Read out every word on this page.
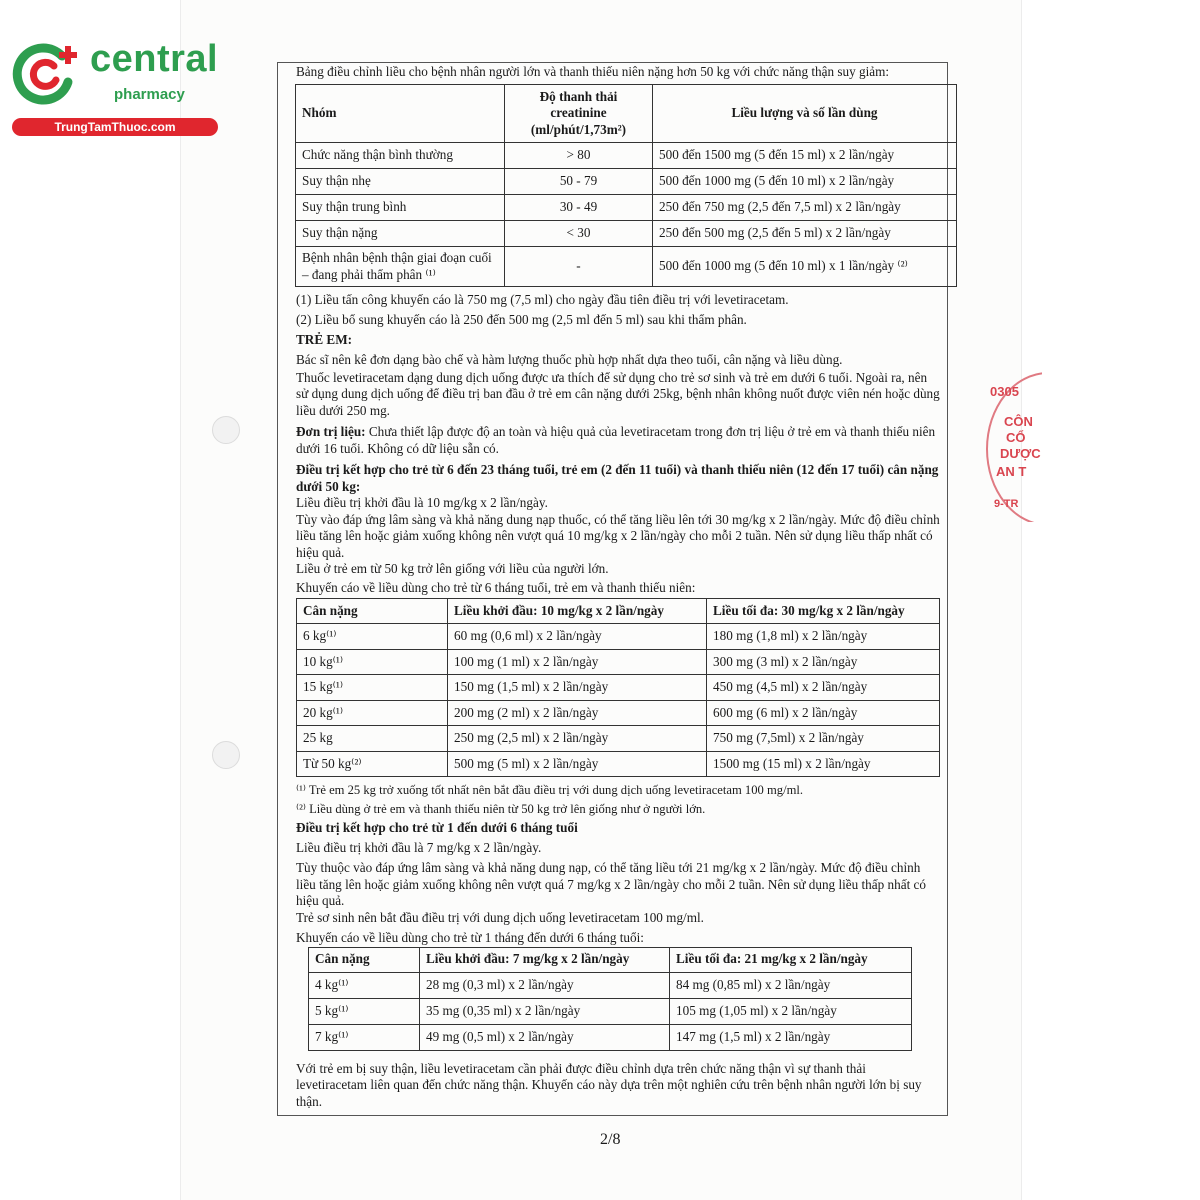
central
pharmacy
TrungTamThuoc.com
0305
CÔN
CỔ
DƯỢC
AN T
9-TR

Bảng điều chỉnh liều cho bệnh nhân người lớn và thanh thiếu niên nặng hơn 50 kg với chức năng thận suy giảm:

Nhóm	Độ thanh thải creatinine (ml/phút/1,73m²)	Liều lượng và số lần dùng
Chức năng thận bình thường	> 80	500 đến 1500 mg (5 đến 15 ml) x 2 lần/ngày
Suy thận nhẹ	50 - 79	500 đến 1000 mg (5 đến 10 ml) x 2 lần/ngày
Suy thận trung bình	30 - 49	250 đến 750 mg (2,5 đến 7,5 ml) x 2 lần/ngày
Suy thận nặng	< 30	250 đến 500 mg (2,5 đến 5 ml) x 2 lần/ngày
Bệnh nhân bệnh thận giai đoạn cuối – đang phải thẩm phân ⁽¹⁾	-	500 đến 1000 mg (5 đến 10 ml) x 1 lần/ngày ⁽²⁾

(1) Liều tấn công khuyến cáo là 750 mg (7,5 ml) cho ngày đầu tiên điều trị với levetiracetam.

(2) Liều bổ sung khuyến cáo là 250 đến 500 mg (2,5 ml đến 5 ml) sau khi thẩm phân.

TRẺ EM:

Bác sĩ nên kê đơn dạng bào chế và hàm lượng thuốc phù hợp nhất dựa theo tuổi, cân nặng và liều dùng.

Thuốc levetiracetam dạng dung dịch uống được ưa thích để sử dụng cho trẻ sơ sinh và trẻ em dưới 6 tuổi. Ngoài ra, nên sử dụng dung dịch uống để điều trị ban đầu ở trẻ em cân nặng dưới 25kg, bệnh nhân không nuốt được viên nén hoặc dùng liều dưới 250 mg.

Đơn trị liệu: Chưa thiết lập được độ an toàn và hiệu quả của levetiracetam trong đơn trị liệu ở trẻ em và thanh thiếu niên dưới 16 tuổi. Không có dữ liệu sẵn có.

Điều trị kết hợp cho trẻ từ 6 đến 23 tháng tuổi, trẻ em (2 đến 11 tuổi) và thanh thiếu niên (12 đến 17 tuổi) cân nặng dưới 50 kg:

Liều điều trị khởi đầu là 10 mg/kg x 2 lần/ngày.

Tùy vào đáp ứng lâm sàng và khả năng dung nạp thuốc, có thể tăng liều lên tới 30 mg/kg x 2 lần/ngày. Mức độ điều chỉnh liều tăng lên hoặc giảm xuống không nên vượt quá 10 mg/kg x 2 lần/ngày cho mỗi 2 tuần. Nên sử dụng liều thấp nhất có hiệu quả.

Liều ở trẻ em từ 50 kg trở lên giống với liều của người lớn.

Khuyến cáo về liều dùng cho trẻ từ 6 tháng tuổi, trẻ em và thanh thiếu niên:

Cân nặng	Liều khởi đầu: 10 mg/kg x 2 lần/ngày	Liều tối đa: 30 mg/kg x 2 lần/ngày
6 kg⁽¹⁾	60 mg (0,6 ml) x 2 lần/ngày	180 mg (1,8 ml) x 2 lần/ngày
10 kg⁽¹⁾	100 mg (1 ml) x 2 lần/ngày	300 mg (3 ml) x 2 lần/ngày
15 kg⁽¹⁾	150 mg (1,5 ml) x 2 lần/ngày	450 mg (4,5 ml) x 2 lần/ngày
20 kg⁽¹⁾	200 mg (2 ml) x 2 lần/ngày	600 mg (6 ml) x 2 lần/ngày
25 kg	250 mg (2,5 ml) x 2 lần/ngày	750 mg (7,5ml) x 2 lần/ngày
Từ 50 kg⁽²⁾	500 mg (5 ml) x 2 lần/ngày	1500 mg (15 ml) x 2 lần/ngày

⁽¹⁾ Trẻ em 25 kg trở xuống tốt nhất nên bắt đầu điều trị với dung dịch uống levetiracetam 100 mg/ml.

⁽²⁾ Liều dùng ở trẻ em và thanh thiếu niên từ 50 kg trở lên giống như ở người lớn.

Điều trị kết hợp cho trẻ từ 1 đến dưới 6 tháng tuổi

Liều điều trị khởi đầu là 7 mg/kg x 2 lần/ngày.

Tùy thuộc vào đáp ứng lâm sàng và khả năng dung nạp, có thể tăng liều tới 21 mg/kg x 2 lần/ngày. Mức độ điều chỉnh liều tăng lên hoặc giảm xuống không nên vượt quá 7 mg/kg x 2 lần/ngày cho mỗi 2 tuần. Nên sử dụng liều thấp nhất có hiệu quả.

Trẻ sơ sinh nên bắt đầu điều trị với dung dịch uống levetiracetam 100 mg/ml.

Khuyến cáo về liều dùng cho trẻ từ 1 tháng đến dưới 6 tháng tuổi:

Cân nặng	Liều khởi đầu: 7 mg/kg x 2 lần/ngày	Liều tối đa: 21 mg/kg x 2 lần/ngày
4 kg⁽¹⁾	28 mg (0,3 ml) x 2 lần/ngày	84 mg (0,85 ml) x 2 lần/ngày
5 kg⁽¹⁾	35 mg (0,35 ml) x 2 lần/ngày	105 mg (1,05 ml) x 2 lần/ngày
7 kg⁽¹⁾	49 mg (0,5 ml) x 2 lần/ngày	147 mg (1,5 ml) x 2 lần/ngày

Với trẻ em bị suy thận, liều levetiracetam cần phải được điều chỉnh dựa trên chức năng thận vì sự thanh thải levetiracetam liên quan đến chức năng thận. Khuyến cáo này dựa trên một nghiên cứu trên bệnh nhân người lớn bị suy thận.

2/8
